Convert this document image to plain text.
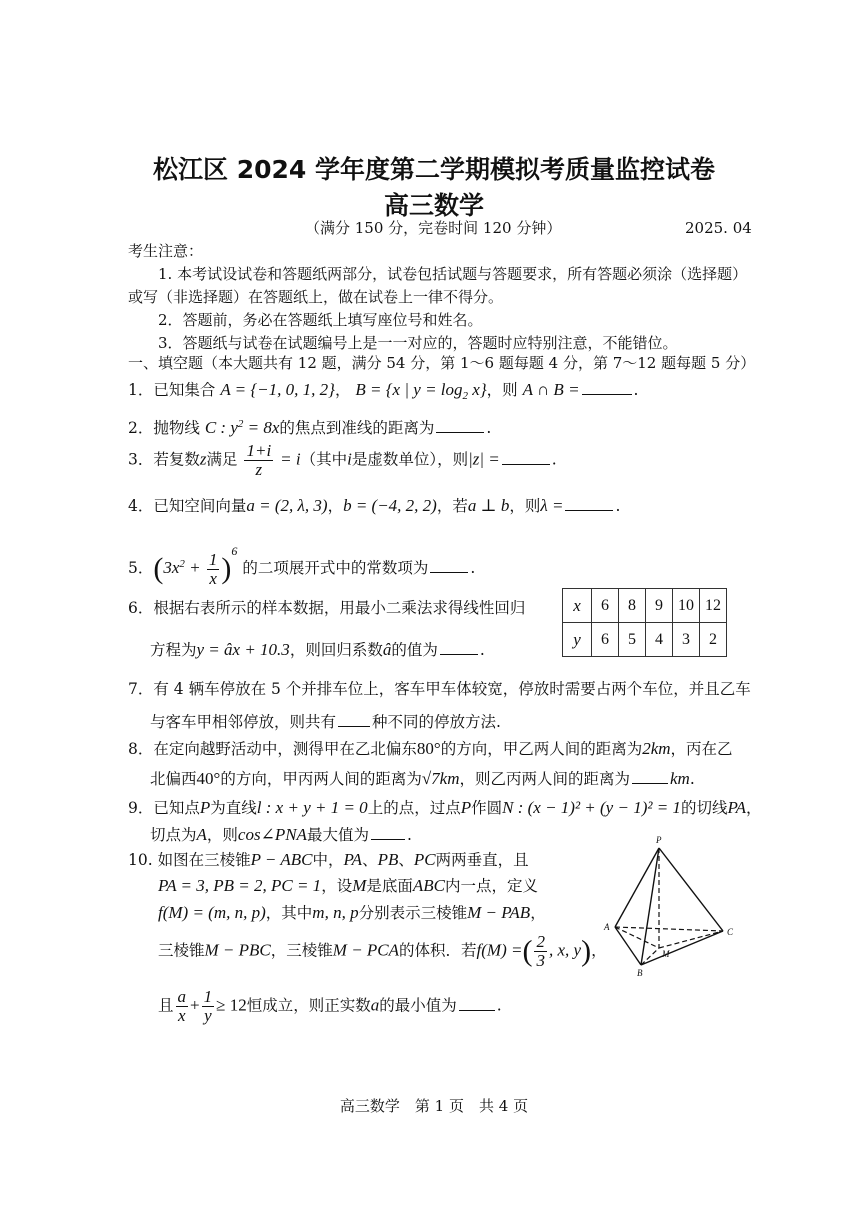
松江区 2024 学年度第二学期模拟考质量监控试卷
高三数学
（满分 150 分，完卷时间 120 分钟）	2025. 04
考生注意：
1. 本考试设试卷和答题纸两部分，试卷包括试题与答题要求，所有答题必须涂（选择题）
或写（非选择题）在答题纸上，做在试卷上一律不得分。
2．答题前，务必在答题纸上填写座位号和姓名。
3．答题纸与试卷在试题编号上是一一对应的，答题时应特别注意，不能错位。
一、填空题（本大题共有 12 题，满分 54 分，第 1～6 题每题 4 分，第 7～12 题每题 5 分）
1．已知集合 A = {−1, 0, 1, 2}， B = {x | $y = \log_2 x$}，则 A ∩ B =	.
2．抛物线 C : $y^2 = 8x$的焦点到准线的距离为	.
3．若复数z满足 $\frac{1+i}{z} = i$（其中i是虚数单位），则|z| =	.
4．已知空间向量a = (2, λ, 3)，b = (−4, 2, 2)，若a ⊥ b，则λ =	.
5．$(3x^2 + \frac{1}{x} )^6$ 的二项展开式中的常数项为	.
6．根据右表所示的样本数据，用最小二乘法求得线性回归
方程为y = âx + 10.3，则回归系数â的值为	.
x	6	8	9	10	12
y	6	5	4	3	2
7．有 4 辆车停放在 5 个并排车位上，客车甲车体较宽，停放时需要占两个车位，并且乙车
与客车甲相邻停放，则共有 种不同的停放方法.
8．在定向越野活动中，测得甲在乙北偏东80°的方向，甲乙两人间的距离为2km，丙在乙
北偏西40°的方向，甲丙两人间的距离为√7km，则乙丙两人间的距离为 km.
9．已知点P为直线l : x + y + 1 = 0上的点，过点P作圆N : (x − 1)² + (y − 1)² = 1的切线PA，
切点为A，则cos∠PNA最大值为 .
10. 如图在三棱锥P − ABC中，PA、PB、PC两两垂直，且
PA = 3, PB = 2, PC = 1，设M是底面ABC内一点，定义
f(M) = (m, n, p)，其中m, n, p分别表示三棱锥M − PAB，
三棱锥M − PBC，三棱锥M − PCA的体积．若f(M) =( $\frac{2}{3}$ , x, y)，
且 $\frac{a}{x} + \frac{1}{y} \ge 12$恒成立，则正实数a的最小值为	.
P
A
B
C
M
高三数学　第 1 页　共 4 页
